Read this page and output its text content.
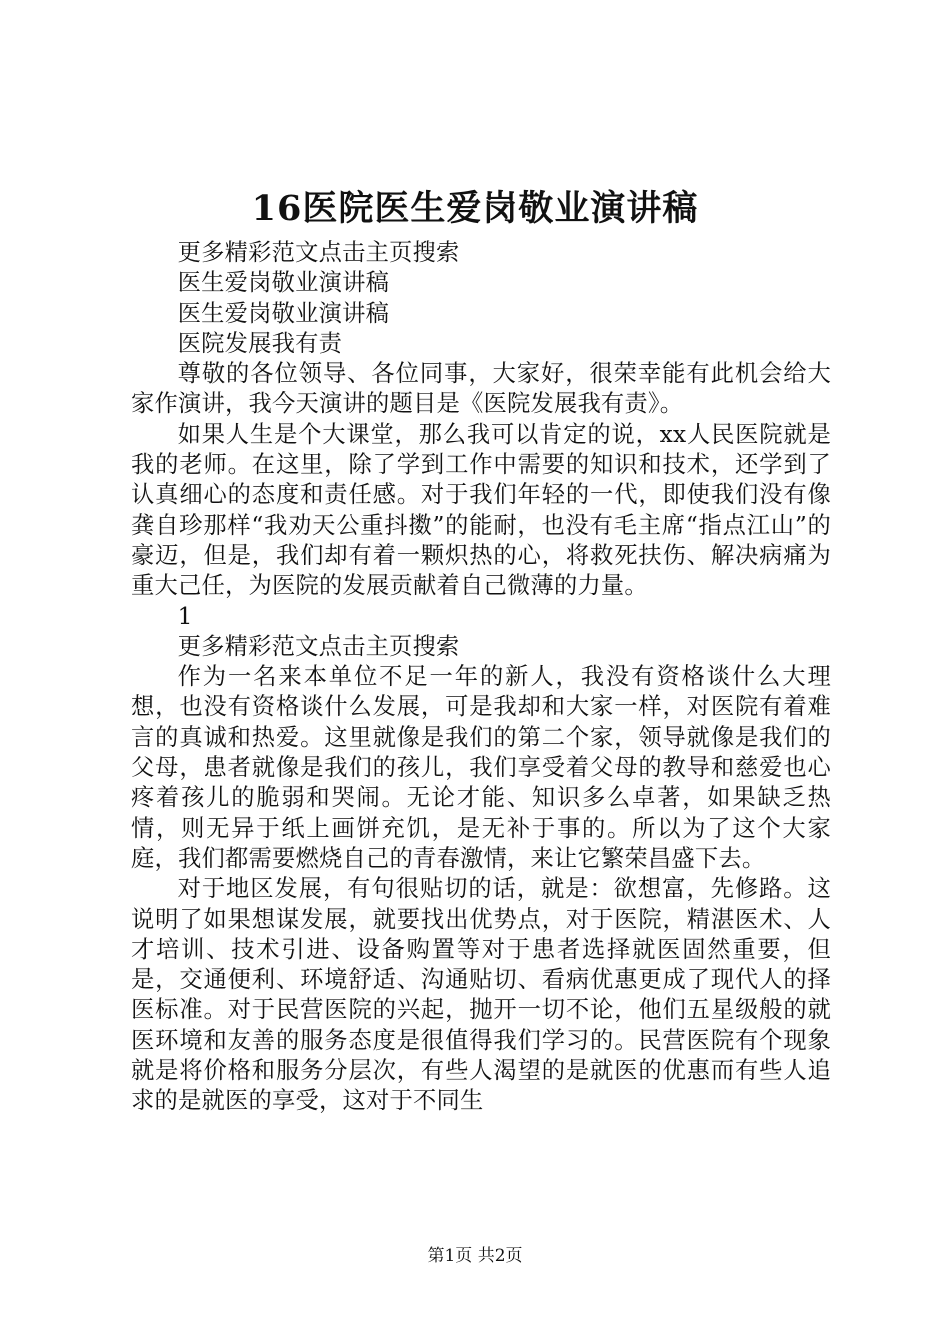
16医院医生爱岗敬业演讲稿

更多精彩范文点击主页搜索

医生爱岗敬业演讲稿

医生爱岗敬业演讲稿

医院发展我有责

尊敬的各位领导、各位同事，大家好，很荣幸能有此机会给大家作演讲，我今天演讲的题目是《医院发展我有责》。

如果人生是个大课堂，那么我可以肯定的说，xx人民医院就是我的老师。在这里，除了学到工作中需要的知识和技术，还学到了认真细心的态度和责任感。对于我们年轻的一代，即使我们没有像龚自珍那样“我劝天公重抖擞”的能耐，也没有毛主席“指点江山”的豪迈，但是，我们却有着一颗炽热的心，将救死扶伤、解决病痛为重大己任，为医院的发展贡献着自己微薄的力量。

1

更多精彩范文点击主页搜索

作为一名来本单位不足一年的新人，我没有资格谈什么大理想，也没有资格谈什么发展，可是我却和大家一样，对医院有着难言的真诚和热爱。这里就像是我们的第二个家，领导就像是我们的父母，患者就像是我们的孩儿，我们享受着父母的教导和慈爱也心疼着孩儿的脆弱和哭闹。无论才能、知识多么卓著，如果缺乏热情，则无异于纸上画饼充饥，是无补于事的。所以为了这个大家庭，我们都需要燃烧自己的青春激情，来让它繁荣昌盛下去。

对于地区发展，有句很贴切的话，就是：欲想富，先修路。这说明了如果想谋发展，就要找出优势点，对于医院，精湛医术、人才培训、技术引进、设备购置等对于患者选择就医固然重要，但是，交通便利、环境舒适、沟通贴切、看病优惠更成了现代人的择医标准。对于民营医院的兴起，抛开一切不论，他们五星级般的就医环境和友善的服务态度是很值得我们学习的。民营医院有个现象就是将价格和服务分层次，有些人渴望的是就医的优惠而有些人追求的是就医的享受，这对于不同生

第1页 共2页
